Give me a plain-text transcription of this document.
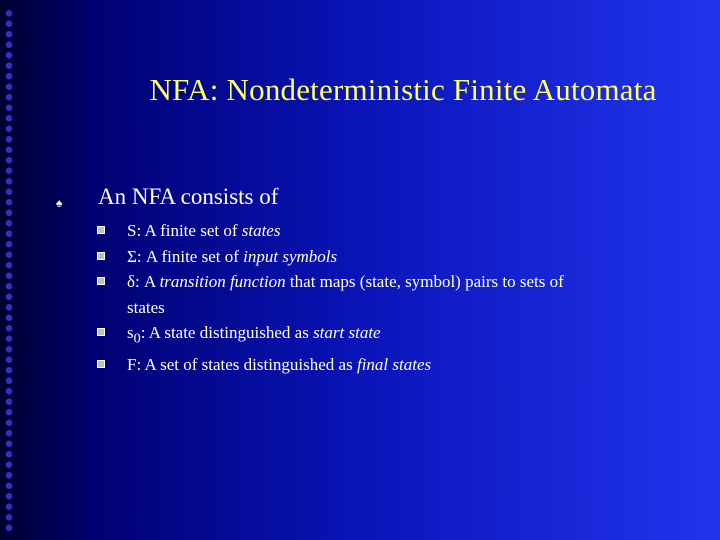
NFA: Nondeterministic Finite Automata
♠ An NFA consists of
S: A finite set of states
Σ: A finite set of input symbols
δ: A transition function that maps (state, symbol) pairs to sets of
states
$s_0$: A state distinguished as start state
F: A set of states distinguished as final states
